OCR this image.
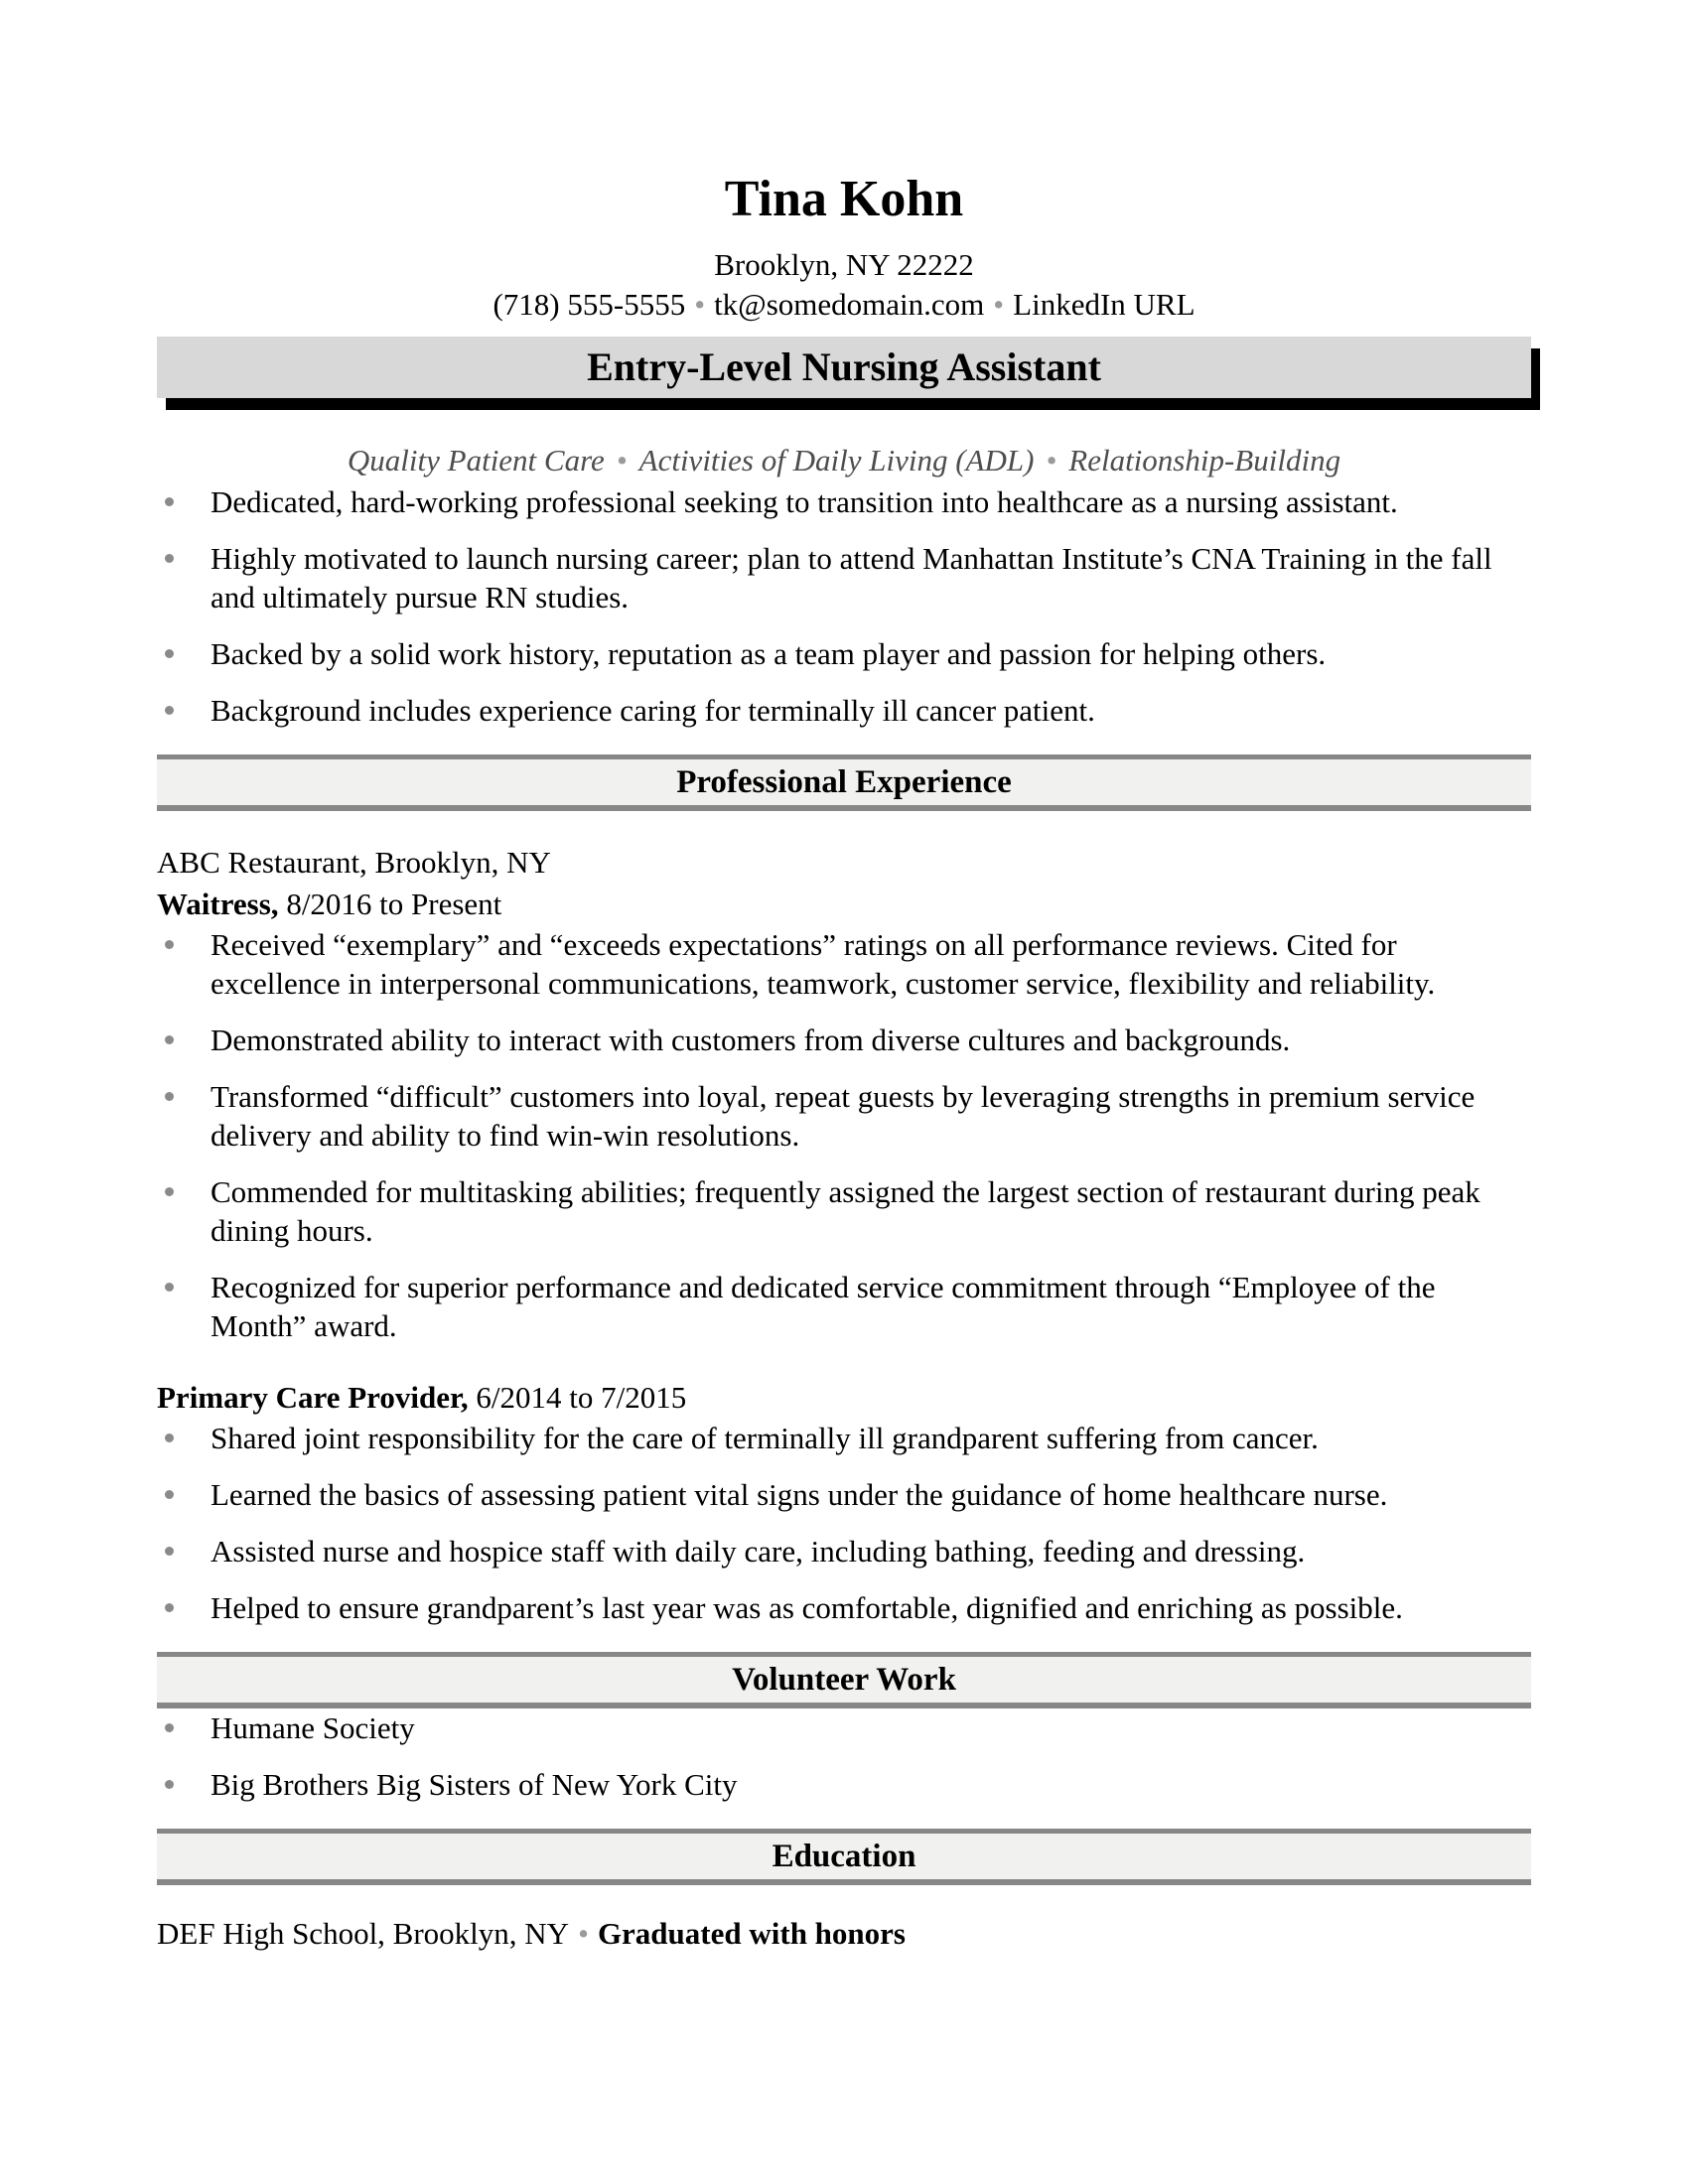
Tina Kohn
Brooklyn, NY 22222
(718) 555-5555 • tk@somedomain.com • LinkedIn URL
Entry-Level Nursing Assistant
Quality Patient Care • Activities of Daily Living (ADL) • Relationship-Building
Dedicated, hard-working professional seeking to transition into healthcare as a nursing assistant.
Highly motivated to launch nursing career; plan to attend Manhattan Institute’s CNA Training in the fall and ultimately pursue RN studies.
Backed by a solid work history, reputation as a team player and passion for helping others.
Background includes experience caring for terminally ill cancer patient.
Professional Experience
ABC Restaurant, Brooklyn, NY
Waitress, 8/2016 to Present
Received “exemplary” and “exceeds expectations” ratings on all performance reviews. Cited for excellence in interpersonal communications, teamwork, customer service, flexibility and reliability.
Demonstrated ability to interact with customers from diverse cultures and backgrounds.
Transformed “difficult” customers into loyal, repeat guests by leveraging strengths in premium service delivery and ability to find win-win resolutions.
Commended for multitasking abilities; frequently assigned the largest section of restaurant during peak dining hours.
Recognized for superior performance and dedicated service commitment through “Employee of the Month” award.
Primary Care Provider, 6/2014 to 7/2015
Shared joint responsibility for the care of terminally ill grandparent suffering from cancer.
Learned the basics of assessing patient vital signs under the guidance of home healthcare nurse.
Assisted nurse and hospice staff with daily care, including bathing, feeding and dressing.
Helped to ensure grandparent’s last year was as comfortable, dignified and enriching as possible.
Volunteer Work
Humane Society
Big Brothers Big Sisters of New York City
Education
DEF High School, Brooklyn, NY • Graduated with honors
